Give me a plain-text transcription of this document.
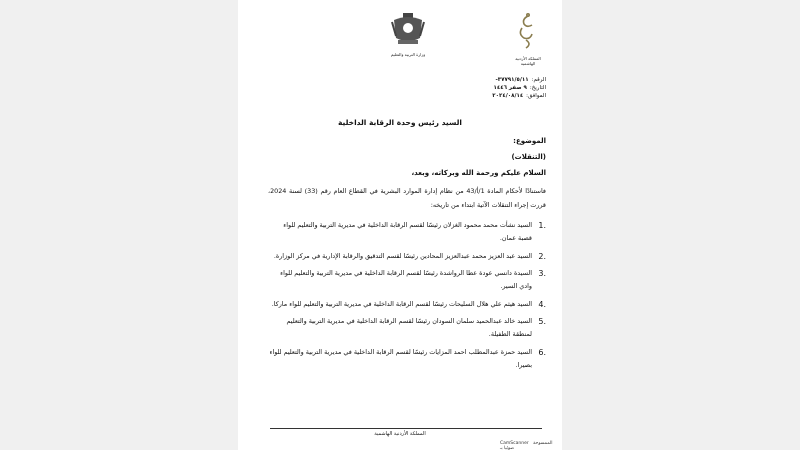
المملكة الأردنية الهاشمية
وزارة التربية والتعليم
الرقم:
٣٧٧٩١/٥/١١-
التاريخ:
٩ صفر ١٤٤٦
الموافق:
٢٠٢٤/٠٨/١٤
السيد رئيس وحدة الرقابة الداخلية
الموضوع:
(التنقلات)
السلام عليكم ورحمة الله وبركاته، وبعد،
فاستنادًا لأحكام المادة 1/أ/43 من نظام إدارة الموارد البشرية في القطاع العام رقم (33) لسنة 2024، قررت إجراء التنقلات الآتية ابتداء من تاريخه:
.1
السيد نشأت محمد محمود الغزلان رئيسًا لقسم الرقابة الداخلية في مديرية التربية والتعليم للواء قصبة عمان.
.2
السيد عبد العزيز محمد عبدالعزيز المحادين رئيسًا لقسم التدقيق والرقابة الإدارية في مركز الوزارة.
.3
السيدة دانسي عودة عطا الرواشدة رئيسًا لقسم الرقابة الداخلية في مديرية التربية والتعليم للواء وادي السير.
.4
السيد هيثم علي هلال السليحات رئيسًا لقسم الرقابة الداخلية في مديرية التربية والتعليم للواء ماركا.
.5
السيد خالد عبدالحميد سلمان السودان رئيسًا لقسم الرقابة الداخلية في مديرية التربية والتعليم لمنطقة الطفيلة.
.6
السيد حمزة عبدالمطلب احمد المزايات رئيسًا لقسم الرقابة الداخلية في مديرية التربية والتعليم للواء بصيرا.
المملكة الأردنية الهاشمية
CamScanner الممسوحة ضوئيا بـ
